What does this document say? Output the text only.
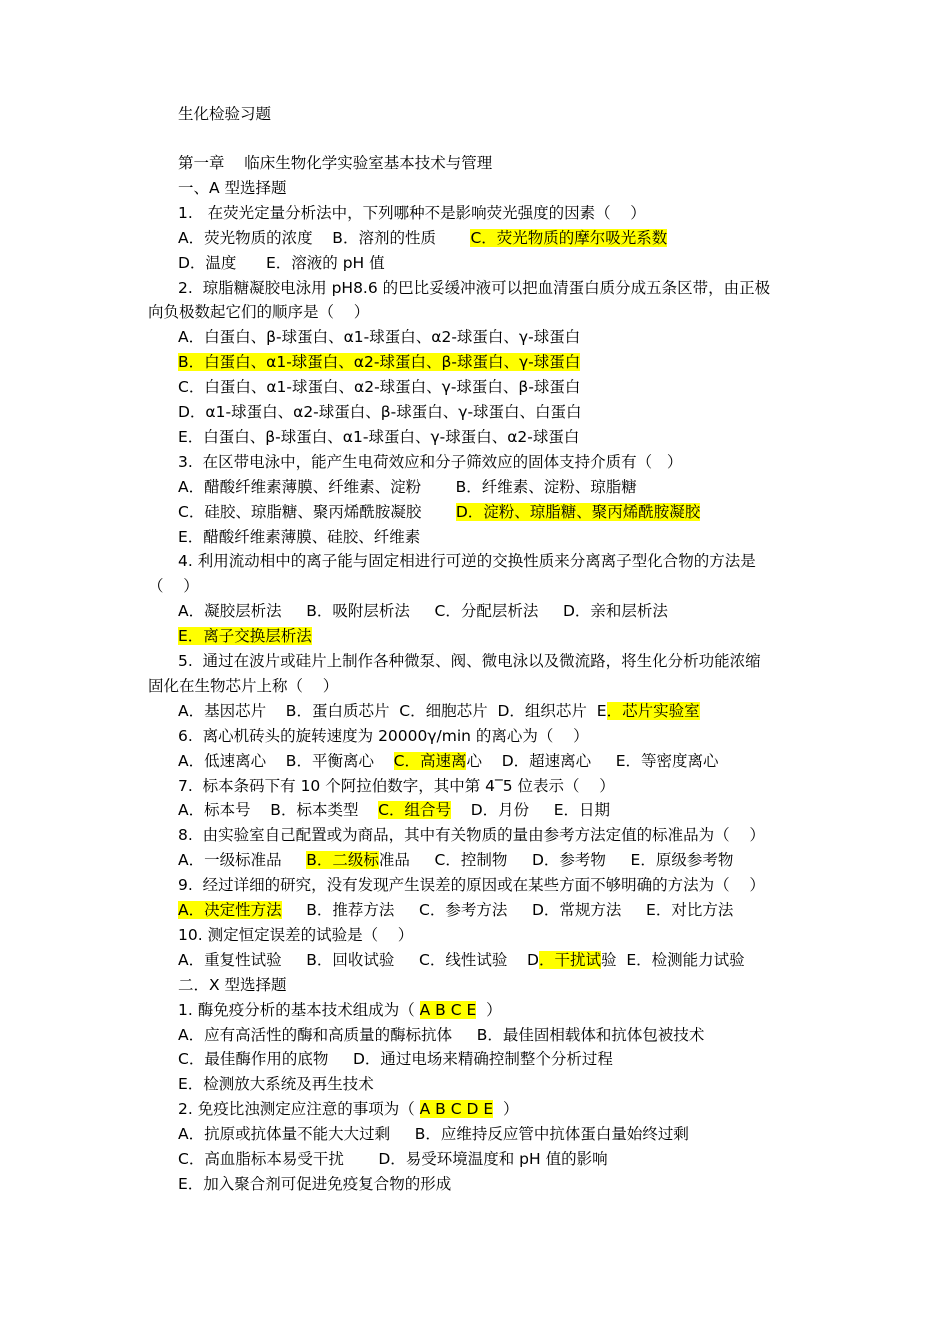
生化检验习题
第一章    临床生物化学实验室基本技术与管理
一、A 型选择题
1.   在荧光定量分析法中，下列哪种不是影响荧光强度的因素（    ）
A．荧光物质的浓度    B．溶剂的性质       C．荧光物质的摩尔吸光系数
D．温度      E．溶液的 pH 值
2.  琼脂糖凝胶电泳用 pH8.6 的巴比妥缓冲液可以把血清蛋白质分成五条区带，由正极
向负极数起它们的顺序是（    ）
A．白蛋白、β-球蛋白、α1-球蛋白、α2-球蛋白、γ-球蛋白
B．白蛋白、α1-球蛋白、α2-球蛋白、β-球蛋白、γ-球蛋白
C．白蛋白、α1-球蛋白、α2-球蛋白、γ-球蛋白、β-球蛋白
D．α1-球蛋白、α2-球蛋白、β-球蛋白、γ-球蛋白、白蛋白
E．白蛋白、β-球蛋白、α1-球蛋白、γ-球蛋白、α2-球蛋白
3.  在区带电泳中，能产生电荷效应和分子筛效应的固体支持介质有（   ）
A．醋酸纤维素薄膜、纤维素、淀粉       B．纤维素、淀粉、琼脂糖
C．硅胶、琼脂糖、聚丙烯酰胺凝胶       D．淀粉、琼脂糖、聚丙烯酰胺凝胶
E．醋酸纤维素薄膜、硅胶、纤维素
4. 利用流动相中的离子能与固定相进行可逆的交换性质来分离离子型化合物的方法是
（    ）
A．凝胶层析法     B．吸附层析法     C．分配层析法     D．亲和层析法
E．离子交换层析法
5.  通过在波片或硅片上制作各种微泵、阀、微电泳以及微流路，将生化分析功能浓缩
固化在生物芯片上称（    ）
A．基因芯片    B．蛋白质芯片  C．细胞芯片  D．组织芯片  E．芯片实验室
6.  离心机砖头的旋转速度为 20000γ/min 的离心为（    ）
A．低速离心    B．平衡离心    C．高速离心    D．超速离心     E．等密度离心
7.  标本条码下有 10 个阿拉伯数字，其中第 4‾5 位表示（    ）
A．标本号    B．标本类型    C．组合号    D．月份     E．日期
8.  由实验室自己配置或为商品，其中有关物质的量由参考方法定值的标准品为（    ）
A．一级标准品     B．二级标准品     C．控制物     D．参考物     E．原级参考物
9.  经过详细的研究，没有发现产生误差的原因或在某些方面不够明确的方法为（    ）
A．决定性方法     B．推荐方法     C．参考方法     D．常规方法     E．对比方法
10. 测定恒定误差的试验是（    ）
A．重复性试验     B．回收试验     C．线性试验    D．干扰试验  E．检测能力试验
二．X 型选择题
1. 酶免疫分析的基本技术组成为（ A B C E  ）
A．应有高活性的酶和高质量的酶标抗体     B．最佳固相载体和抗体包被技术
C．最佳酶作用的底物     D．通过电场来精确控制整个分析过程
E．检测放大系统及再生技术
2. 免疫比浊测定应注意的事项为（ A B C D E  ）
A．抗原或抗体量不能大大过剩     B．应维持反应管中抗体蛋白量始终过剩
C．高血脂标本易受干扰       D．易受环境温度和 pH 值的影响
E．加入聚合剂可促进免疫复合物的形成
